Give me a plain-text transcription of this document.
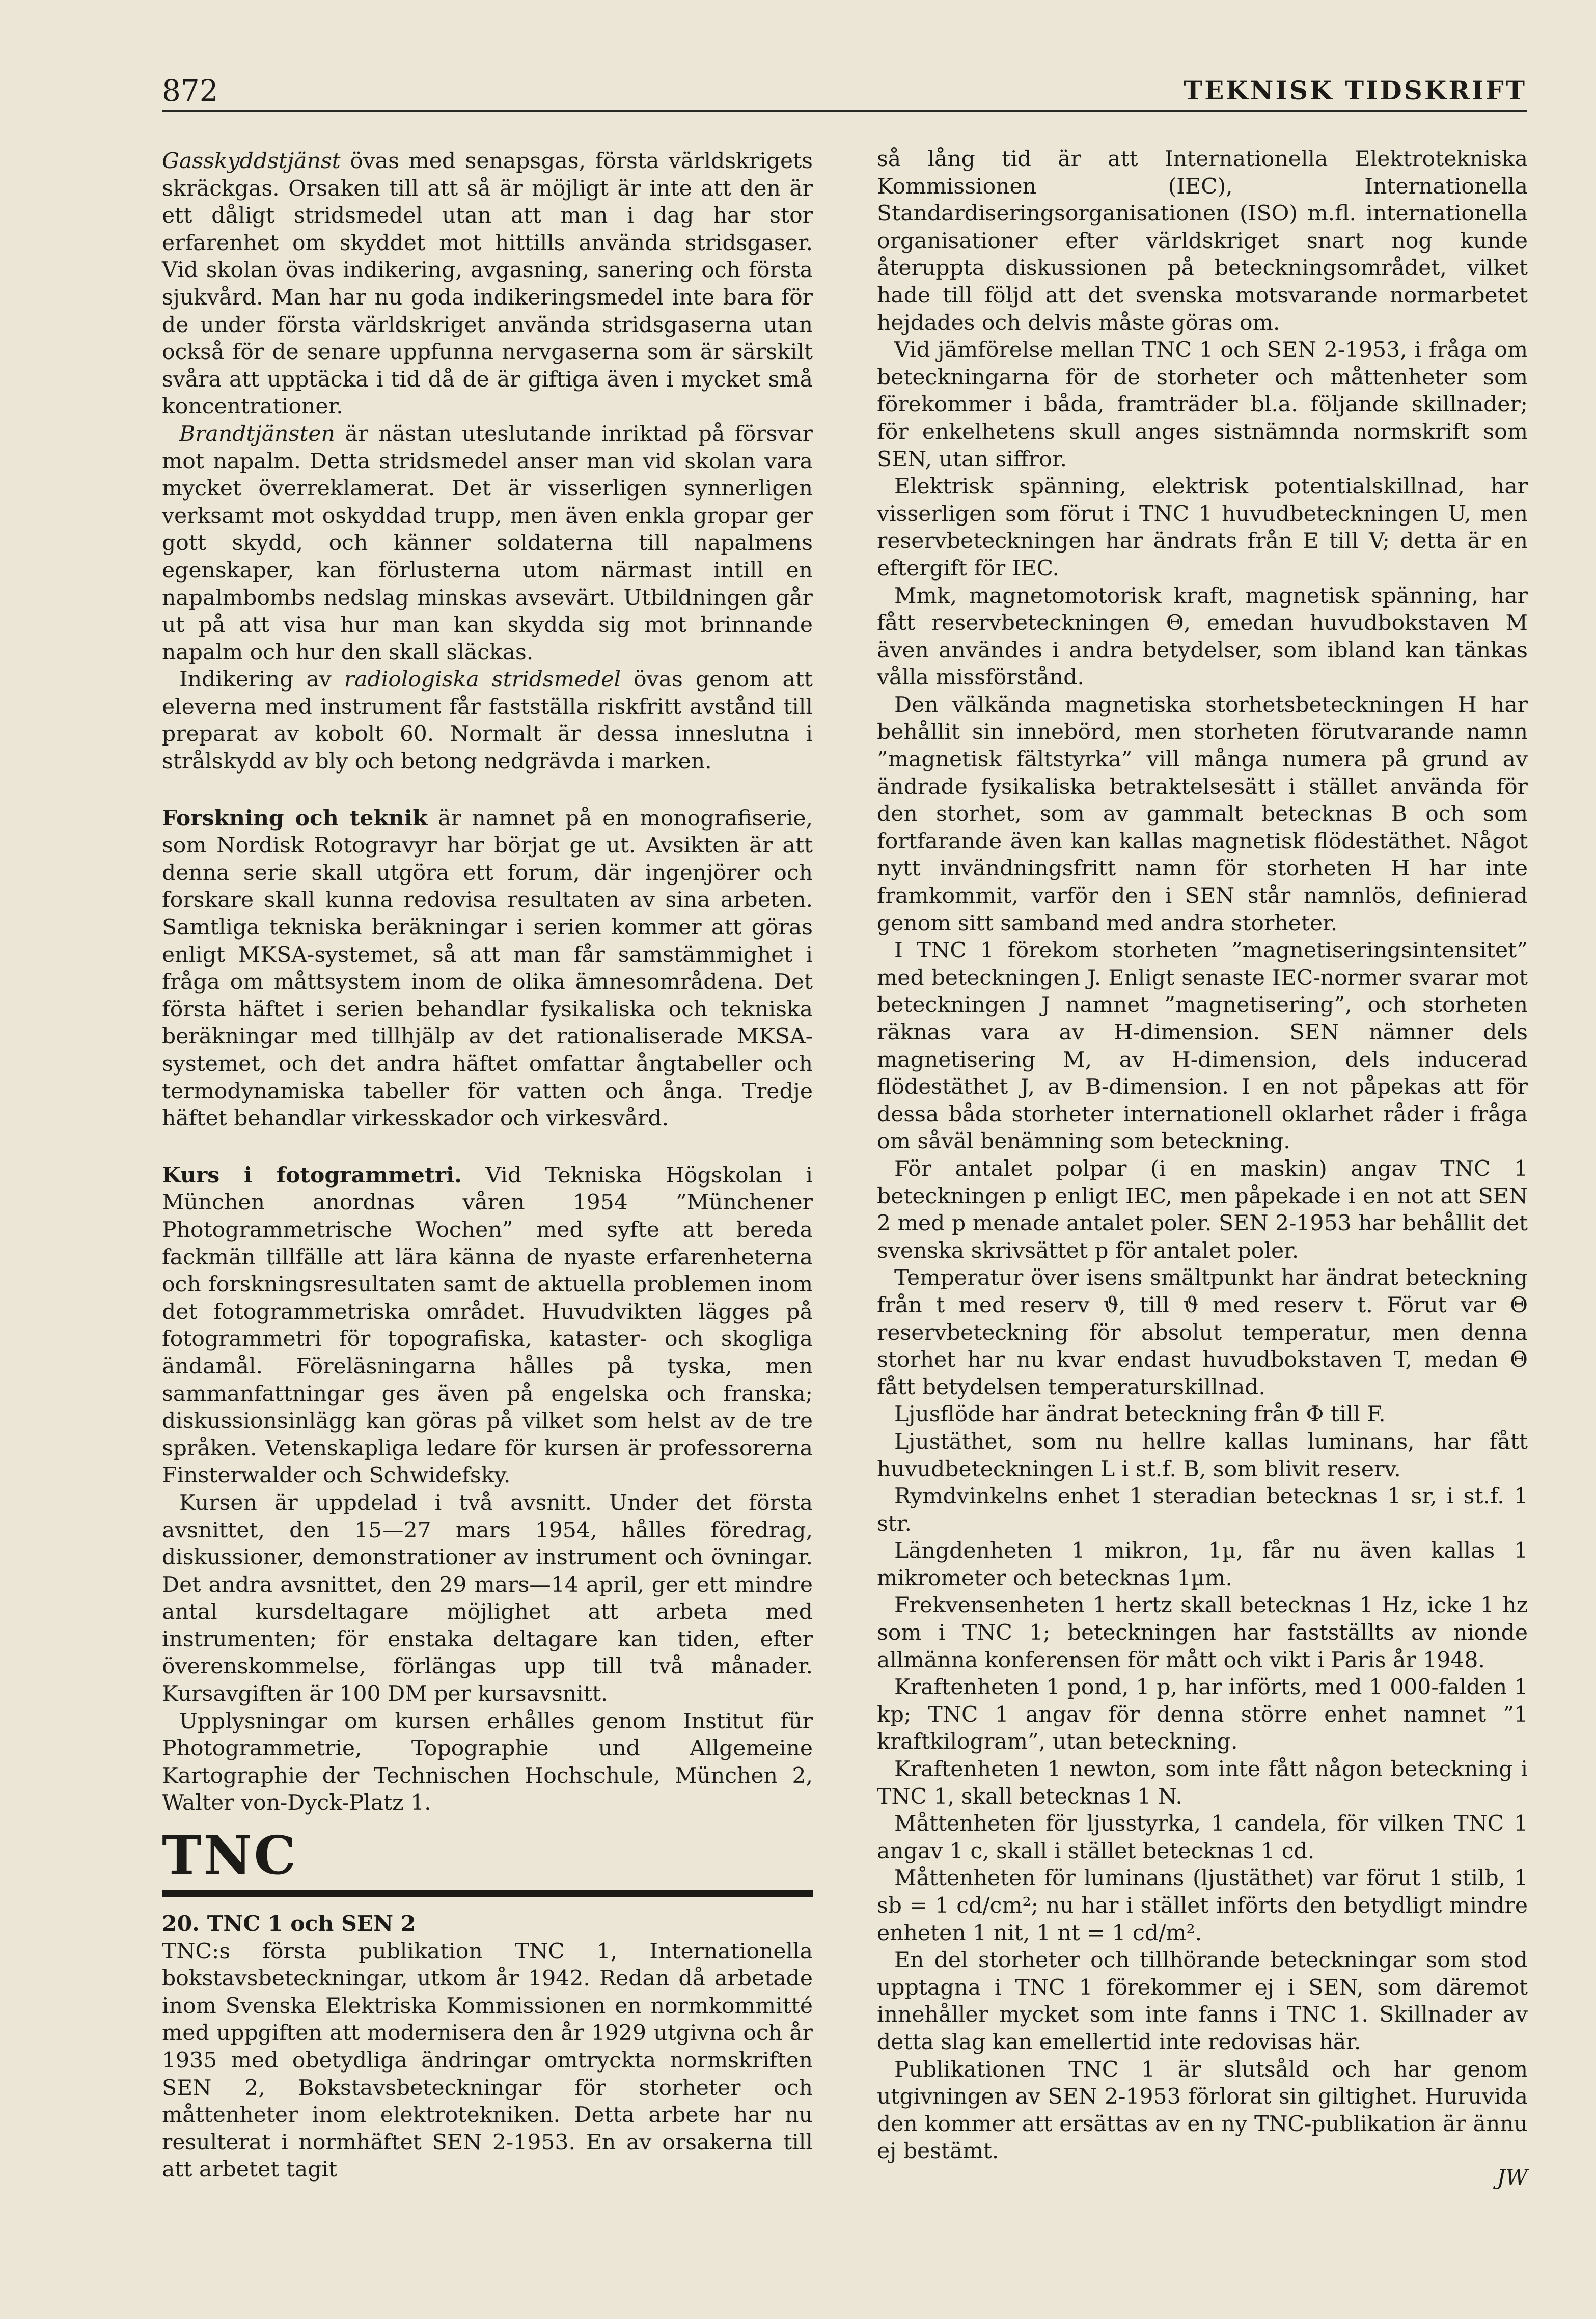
872	TEKNISK TIDSKRIFT

Gasskyddstjänst övas med senapsgas, första världskrigets skräckgas. Orsaken till att så är möjligt är inte att den är ett dåligt stridsmedel utan att man i dag har stor erfarenhet om skyddet mot hittills använda stridsgaser. Vid skolan övas indikering, avgasning, sanering och första sjukvård. Man har nu goda indikeringsmedel inte bara för de under första världskriget använda stridsgaserna utan också för de senare uppfunna nervgaserna som är särskilt svåra att upptäcka i tid då de är giftiga även i mycket små koncentrationer.

Brandtjänsten är nästan uteslutande inriktad på försvar mot napalm. Detta stridsmedel anser man vid skolan vara mycket överreklamerat. Det är visserligen synnerligen verksamt mot oskyddad trupp, men även enkla gropar ger gott skydd, och känner soldaterna till napalmens egenskaper, kan förlusterna utom närmast intill en napalmbombs nedslag minskas avsevärt. Utbildningen går ut på att visa hur man kan skydda sig mot brinnande napalm och hur den skall släckas.

Indikering av radiologiska stridsmedel övas genom att eleverna med instrument får fastställa riskfritt avstånd till preparat av kobolt 60. Normalt är dessa inneslutna i strålskydd av bly och betong nedgrävda i marken.

Forskning och teknik är namnet på en monografiserie, som Nordisk Rotogravyr har börjat ge ut. Avsikten är att denna serie skall utgöra ett forum, där ingenjörer och forskare skall kunna redovisa resultaten av sina arbeten. Samtliga tekniska beräkningar i serien kommer att göras enligt MKSA-systemet, så att man får samstämmighet i fråga om måttsystem inom de olika ämnesområdena. Det första häftet i serien behandlar fysikaliska och tekniska beräkningar med tillhjälp av det rationaliserade MKSA-systemet, och det andra häftet omfattar ångtabeller och termodynamiska tabeller för vatten och ånga. Tredje häftet behandlar virkesskador och virkesvård.

Kurs i fotogrammetri. Vid Tekniska Högskolan i München anordnas våren 1954 ”Münchener Photogrammetrische Wochen” med syfte att bereda fackmän tillfälle att lära känna de nyaste erfarenheterna och forskningsresultaten samt de aktuella problemen inom det fotogrammetriska området. Huvudvikten lägges på fotogrammetri för topografiska, kataster- och skogliga ändamål. Föreläsningarna hålles på tyska, men sammanfattningar ges även på engelska och franska; diskussionsinlägg kan göras på vilket som helst av de tre språken. Vetenskapliga ledare för kursen är professorerna Finsterwalder och Schwidefsky.

Kursen är uppdelad i två avsnitt. Under det första avsnittet, den 15—27 mars 1954, hålles föredrag, diskussioner, demonstrationer av instrument och övningar. Det andra avsnittet, den 29 mars—14 april, ger ett mindre antal kursdeltagare möjlighet att arbeta med instrumenten; för enstaka deltagare kan tiden, efter överenskommelse, förlängas upp till två månader. Kursavgiften är 100 DM per kursavsnitt.

Upplysningar om kursen erhålles genom Institut für Photogrammetrie, Topographie und Allgemeine Kartographie der Technischen Hochschule, München 2, Walter von-Dyck-Platz 1.

TNC

20. TNC 1 och SEN 2

TNC:s första publikation TNC 1, Internationella bokstavsbeteckningar, utkom år 1942. Redan då arbetade inom Svenska Elektriska Kommissionen en normkommitté med uppgiften att modernisera den år 1929 utgivna och år 1935 med obetydliga ändringar omtryckta normskriften SEN 2, Bokstavsbeteckningar för storheter och måttenheter inom elektrotekniken. Detta arbete har nu resulterat i normhäftet SEN 2-1953. En av orsakerna till att arbetet tagit

så lång tid är att Internationella Elektrotekniska Kommissionen (IEC), Internationella Standardiseringsorganisationen (ISO) m.fl. internationella organisationer efter världskriget snart nog kunde återuppta diskussionen på beteckningsområdet, vilket hade till följd att det svenska motsvarande normarbetet hejdades och delvis måste göras om.

Vid jämförelse mellan TNC 1 och SEN 2-1953, i fråga om beteckningarna för de storheter och måttenheter som förekommer i båda, framträder bl.a. följande skillnader; för enkelhetens skull anges sistnämnda normskrift som SEN, utan siffror.

Elektrisk spänning, elektrisk potentialskillnad, har visserligen som förut i TNC 1 huvudbeteckningen U, men reservbeteckningen har ändrats från E till V; detta är en eftergift för IEC.

Mmk, magnetomotorisk kraft, magnetisk spänning, har fått reservbeteckningen Θ, emedan huvudbokstaven M även användes i andra betydelser, som ibland kan tänkas vålla missförstånd.

Den välkända magnetiska storhetsbeteckningen H har behållit sin innebörd, men storheten förutvarande namn ”magnetisk fältstyrka” vill många numera på grund av ändrade fysikaliska betraktelsesätt i stället använda för den storhet, som av gammalt betecknas B och som fortfarande även kan kallas magnetisk flödestäthet. Något nytt invändningsfritt namn för storheten H har inte framkommit, varför den i SEN står namnlös, definierad genom sitt samband med andra storheter.

I TNC 1 förekom storheten ”magnetiseringsintensitet” med beteckningen J. Enligt senaste IEC-normer svarar mot beteckningen J namnet ”magnetisering”, och storheten räknas vara av H-dimension. SEN nämner dels magnetisering M, av H-dimension, dels inducerad flödestäthet J, av B-dimension. I en not påpekas att för dessa båda storheter internationell oklarhet råder i fråga om såväl benämning som beteckning.

För antalet polpar (i en maskin) angav TNC 1 beteckningen p enligt IEC, men påpekade i en not att SEN 2 med p menade antalet poler. SEN 2-1953 har behållit det svenska skrivsättet p för antalet poler.

Temperatur över isens smältpunkt har ändrat beteckning från t med reserv ϑ, till ϑ med reserv t. Förut var Θ reservbeteckning för absolut temperatur, men denna storhet har nu kvar endast huvudbokstaven T, medan Θ fått betydelsen temperaturskillnad.

Ljusflöde har ändrat beteckning från Φ till F.

Ljustäthet, som nu hellre kallas luminans, har fått huvudbeteckningen L i st.f. B, som blivit reserv.

Rymdvinkelns enhet 1 steradian betecknas 1 sr, i st.f. 1 str.

Längdenheten 1 mikron, 1µ, får nu även kallas 1 mikrometer och betecknas 1µm.

Frekvensenheten 1 hertz skall betecknas 1 Hz, icke 1 hz som i TNC 1; beteckningen har fastställts av nionde allmänna konferensen för mått och vikt i Paris år 1948.

Kraftenheten 1 pond, 1 p, har införts, med 1 000-falden 1 kp; TNC 1 angav för denna större enhet namnet ”1 kraftkilogram”, utan beteckning.

Kraftenheten 1 newton, som inte fått någon beteckning i TNC 1, skall betecknas 1 N.

Måttenheten för ljusstyrka, 1 candela, för vilken TNC 1 angav 1 c, skall i stället betecknas 1 cd.

Måttenheten för luminans (ljustäthet) var förut 1 stilb, 1 sb = 1 cd/cm²; nu har i stället införts den betydligt mindre enheten 1 nit, 1 nt = 1 cd/m².

En del storheter och tillhörande beteckningar som stod upptagna i TNC 1 förekommer ej i SEN, som däremot innehåller mycket som inte fanns i TNC 1. Skillnader av detta slag kan emellertid inte redovisas här.

Publikationen TNC 1 är slutsåld och har genom utgivningen av SEN 2-1953 förlorat sin giltighet. Huruvida den kommer att ersättas av en ny TNC-publikation är ännu ej bestämt.

JW
